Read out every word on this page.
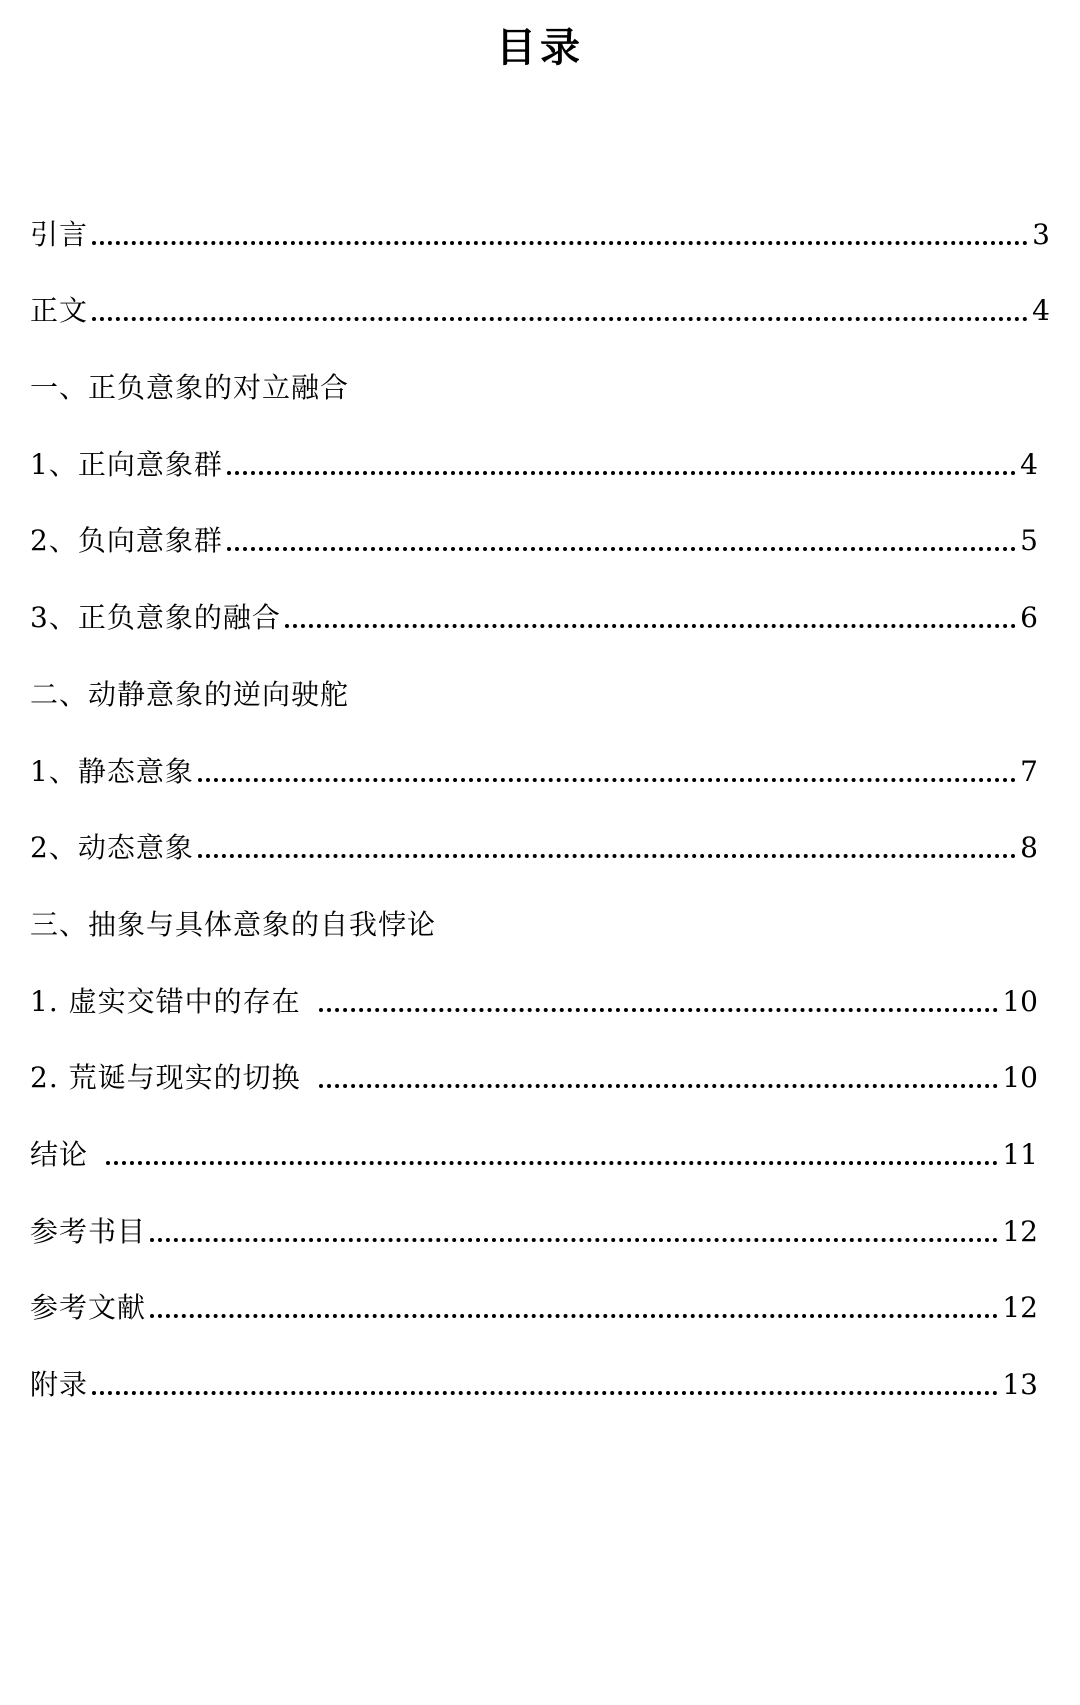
目录
引言	3
正文	4
一、正负意象的对立融合
1、正向意象群	4
2、负向意象群	5
3、正负意象的融合	6
二、动静意象的逆向驶舵
1、静态意象	7
2、动态意象	8
三、抽象与具体意象的自我悖论
1. 虚实交错中的存在	10
2. 荒诞与现实的切换	10
结论	11
参考书目	12
参考文献	12
附录	13
